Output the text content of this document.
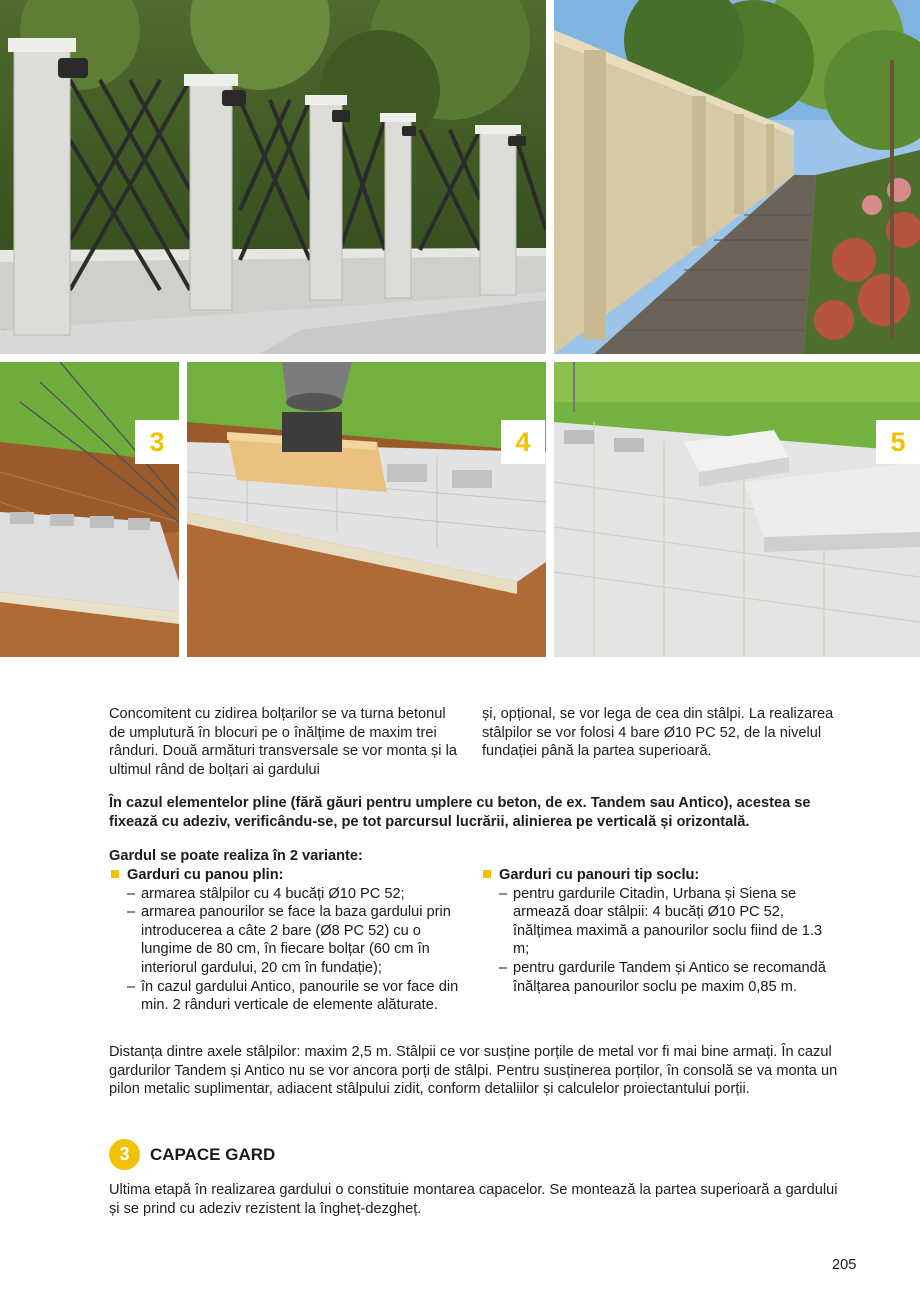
3	4	5

Concomitent cu zidirea bolțarilor se va turna betonul de umplutură în blocuri pe o înălțime de maxim trei rânduri. Două armături transversale se vor monta și la ultimul rând de bolțari ai gardului

și, opțional, se vor lega de cea din stâlpi. La realizarea stâlpilor se vor folosi 4 bare Ø10 PC 52, de la nivelul fundației până la partea superioară.

În cazul elementelor pline (fără găuri pentru umplere cu beton, de ex. Tandem sau Antico), acestea se fixează cu adeziv, verificându-se, pe tot parcursul lucrării, alinierea pe verticală și orizontală.

Gardul se poate realiza în 2 variante:

Garduri cu panou plin:
– armarea stâlpilor cu 4 bucăți Ø10 PC 52;
– armarea panourilor se face la baza gardului prin introducerea a câte 2 bare (Ø8 PC 52) cu o lungime de 80 cm, în fiecare bolțar (60 cm în interiorul gardului, 20 cm în fundație);
– în cazul gardului Antico, panourile se vor face din min. 2 rânduri verticale de elemente alăturate.
Garduri cu panouri tip soclu:
– pentru gardurile Citadin, Urbana și Siena se armează doar stâlpii: 4 bucăți Ø10 PC 52, înălțimea maximă a panourilor soclu fiind de 1.3 m;
– pentru gardurile Tandem și Antico se recomandă înălțarea panourilor soclu pe maxim 0,85 m.

Distanța dintre axele stâlpilor: maxim 2,5 m. Stâlpii ce vor susține porțile de metal vor fi mai bine armați. În cazul gardurilor Tandem și Antico nu se vor ancora porți de stâlpi. Pentru susținerea porților, în consolă se va monta un pilon metalic suplimentar, adiacent stâlpului zidit, conform detaliilor și calculelor proiectantului porții.

3	CAPACE GARD

Ultima etapă în realizarea gardului o constituie montarea capacelor. Se montează la partea superioară a gardului și se prind cu adeziv rezistent la îngheț-dezgheț.

205
